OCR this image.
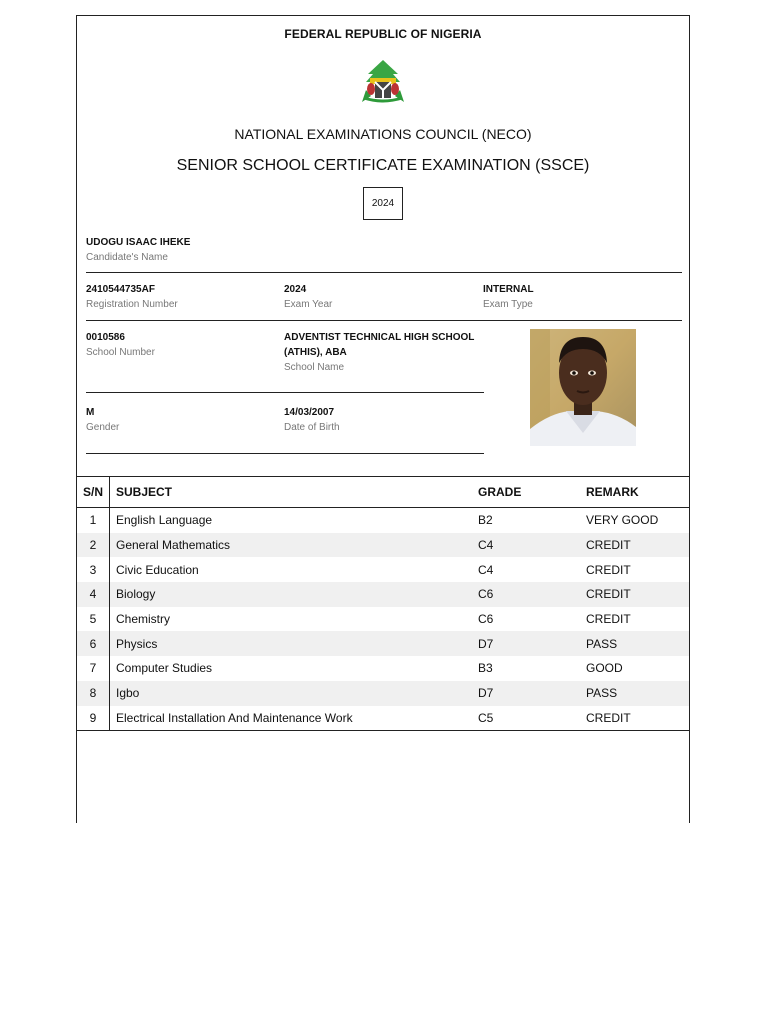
FEDERAL REPUBLIC OF NIGERIA
NATIONAL EXAMINATIONS COUNCIL (NECO)
SENIOR SCHOOL CERTIFICATE EXAMINATION (SSCE)
2024
UDOGU ISAAC IHEKE
Candidate's Name
2410544735AF
Registration Number
2024
Exam Year
INTERNAL
Exam Type
0010586
School Number
ADVENTIST TECHNICAL HIGH SCHOOL
(ATHIS), ABA
School Name
M
Gender
14/03/2007
Date of Birth
S/N	SUBJECT	GRADE	REMARK
1	English Language	B2	VERY GOOD
2	General Mathematics	C4	CREDIT
3	Civic Education	C4	CREDIT
4	Biology	C6	CREDIT
5	Chemistry	C6	CREDIT
6	Physics	D7	PASS
7	Computer Studies	B3	GOOD
8	Igbo	D7	PASS
9	Electrical Installation And Maintenance Work	C5	CREDIT
